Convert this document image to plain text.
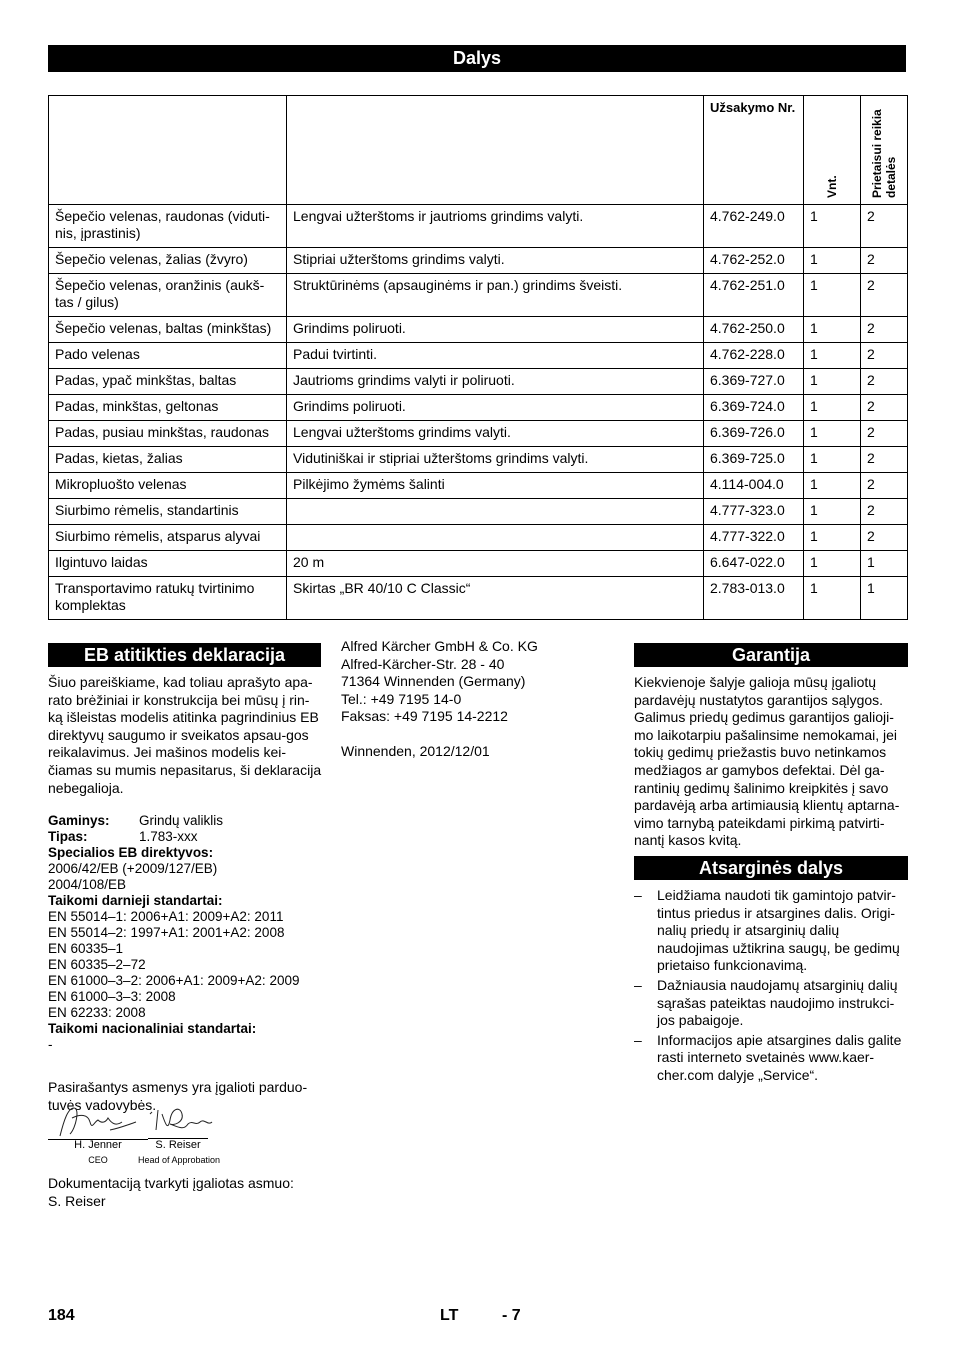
Dalys
		Užsakymo Nr.	Vnt.	Prietaisui reikia detalės

Šepečio velenas, raudonas (viduti-nis, įprastinis)	Lengvai užterštoms ir jautrioms grindims valyti.	4.762-249.0	1	2
Šepečio velenas, žalias (žvyro)	Stipriai užterštoms grindims valyti.	4.762-252.0	1	2
Šepečio velenas, oranžinis (aukš-tas / gilus)	Struktūrinėms (apsauginėms ir pan.) grindims švеisti.	4.762-251.0	1	2
Šepečio velenas, baltas (minkštas)	Grindims poliruoti.	4.762-250.0	1	2
Pado velenas	Padui tvirtinti.	4.762-228.0	1	2
Padas, ypač minkštas, baltas	Jautrioms grindims valyti ir poliruoti.	6.369-727.0	1	2
Padas, minkštas, geltonas	Grindims poliruoti.	6.369-724.0	1	2
Padas, pusiau minkštas, raudonas	Lengvai užterštoms grindims valyti.	6.369-726.0	1	2
Padas, kietas, žalias	Vidutiniškai ir stipriai užterštoms grindims valyti.	6.369-725.0	1	2
Mikropluošto velenas	Pilkėjimo žymėms šalinti	4.114-004.0	1	2
Siurbimo rėmelis, standartinis		4.777-323.0	1	2
Siurbimo rėmelis, atsparus alyvai		4.777-322.0	1	2
Ilgintuvo laidas	20 m	6.647-022.0	1	1
Transportavimo ratukų tvirtinimo komplektas	Skirtas „BR 40/10 C Classic“	2.783-013.0	1	1
EB atitikties deklaracija

Šiuo pareiškiame, kad toliau aprašyto apa-rato brėžiniai ir konstrukcija bei mūsų į rin-ką išleistas modelis atitinka pagrindinius EB direktyvų saugumo ir sveikatos apsau-gos reikalavimus. Jei mašinos modelis kei-čiamas su mumis nepasitarus, ši deklaracija nebegalioja.

Gaminys: Grindų valiklis
Tipas:	1.783-xxx
Specialios EB direktyvos:
2006/42/EB (+2009/127/EB)
2004/108/EB
Taikomi darnieji standartai:
EN 55014–1: 2006+A1: 2009+A2: 2011
EN 55014–2: 1997+A1: 2001+A2: 2008
EN 60335–1
EN 60335–2–72
EN 61000–3–2: 2006+A1: 2009+A2: 2009
EN 61000–3–3: 2008
EN 62233: 2008
Taikomi nacionaliniai standartai:
-

Pasirašantys asmenys yra įgalioti parduo-tuvės vadovybės.

H. Jenner
CEO
S. Reiser
Head of Approbation

Dokumentaciją tvarkyti įgaliotas asmuo:

S. Reiser

Alfred Kärcher GmbH & Co. KG

Alfred-Kärcher-Str. 28 - 40

71364 Winnenden (Germany)

Tel.: +49 7195 14-0

Faksas: +49 7195 14-2212

Winnenden, 2012/12/01

Garantija

Kiekvienoje šalyje galioja mūsų įgaliotų pardavėjų nustatytos garantijos sąlygos. Galimus priedų gedimus garantijos galioji-mo laikotarpiu pašalinsime nemokamai, jei tokių gedimų priežastis buvo netinkamos medžiagos ar gamybos defektai. Dėl ga-rantinių gedimų šalinimo kreipkitės į savo pardavėją arba artimiausią klientų aptarna-vimo tarnybą pateikdami pirkimą patvirti-nantį kasos kvitą.

Atsarginės dalys
– Leidžiama naudoti tik gamintojo patvir-tintus priedus ir atsargines dalis. Origi-nalių priedų ir atsarginių dalių naudojimas užtikrina saugų, be gedimų prietaiso funkcionavimą.
– Dažniausia naudojamų atsarginių dalių sąrašas pateiktas naudojimo instrukci-jos pabaigoje.
– Informacijos apie atsargines dalis galite rasti interneto svetainės www.kaer-cher.com dalyje „Service“.
184	LT	- 7
